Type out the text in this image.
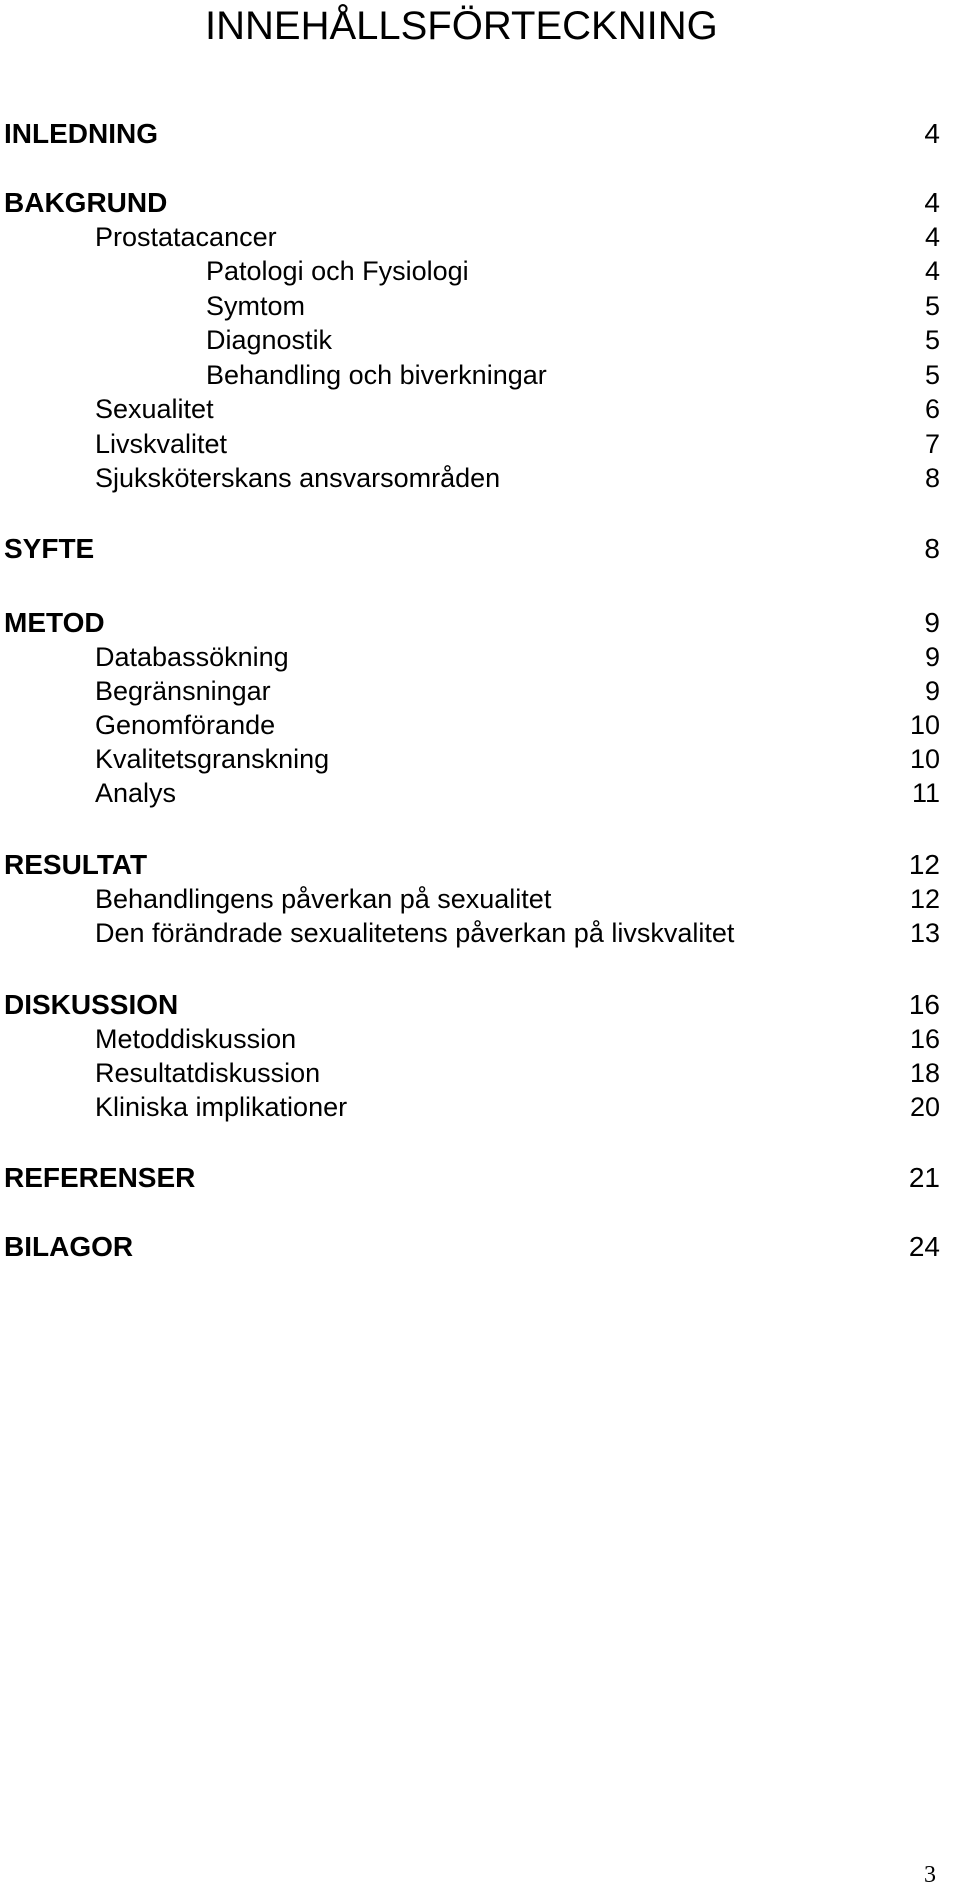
INNEHÅLLSFÖRTECKNING
INLEDNING	4
BAKGRUND	4
Prostatacancer	4
Patologi och Fysiologi	4
Symtom	5
Diagnostik	5
Behandling och biverkningar	5
Sexualitet	6
Livskvalitet	7
Sjuksköterskans ansvarsområden	8
SYFTE	8
METOD	9
Databassökning	9
Begränsningar	9
Genomförande	10
Kvalitetsgranskning	10
Analys	11
RESULTAT	12
Behandlingens påverkan på sexualitet	12
Den förändrade sexualitetens påverkan på livskvalitet	13
DISKUSSION	16
Metoddiskussion	16
Resultatdiskussion	18
Kliniska implikationer	20
REFERENSER	21
BILAGOR	24
3
